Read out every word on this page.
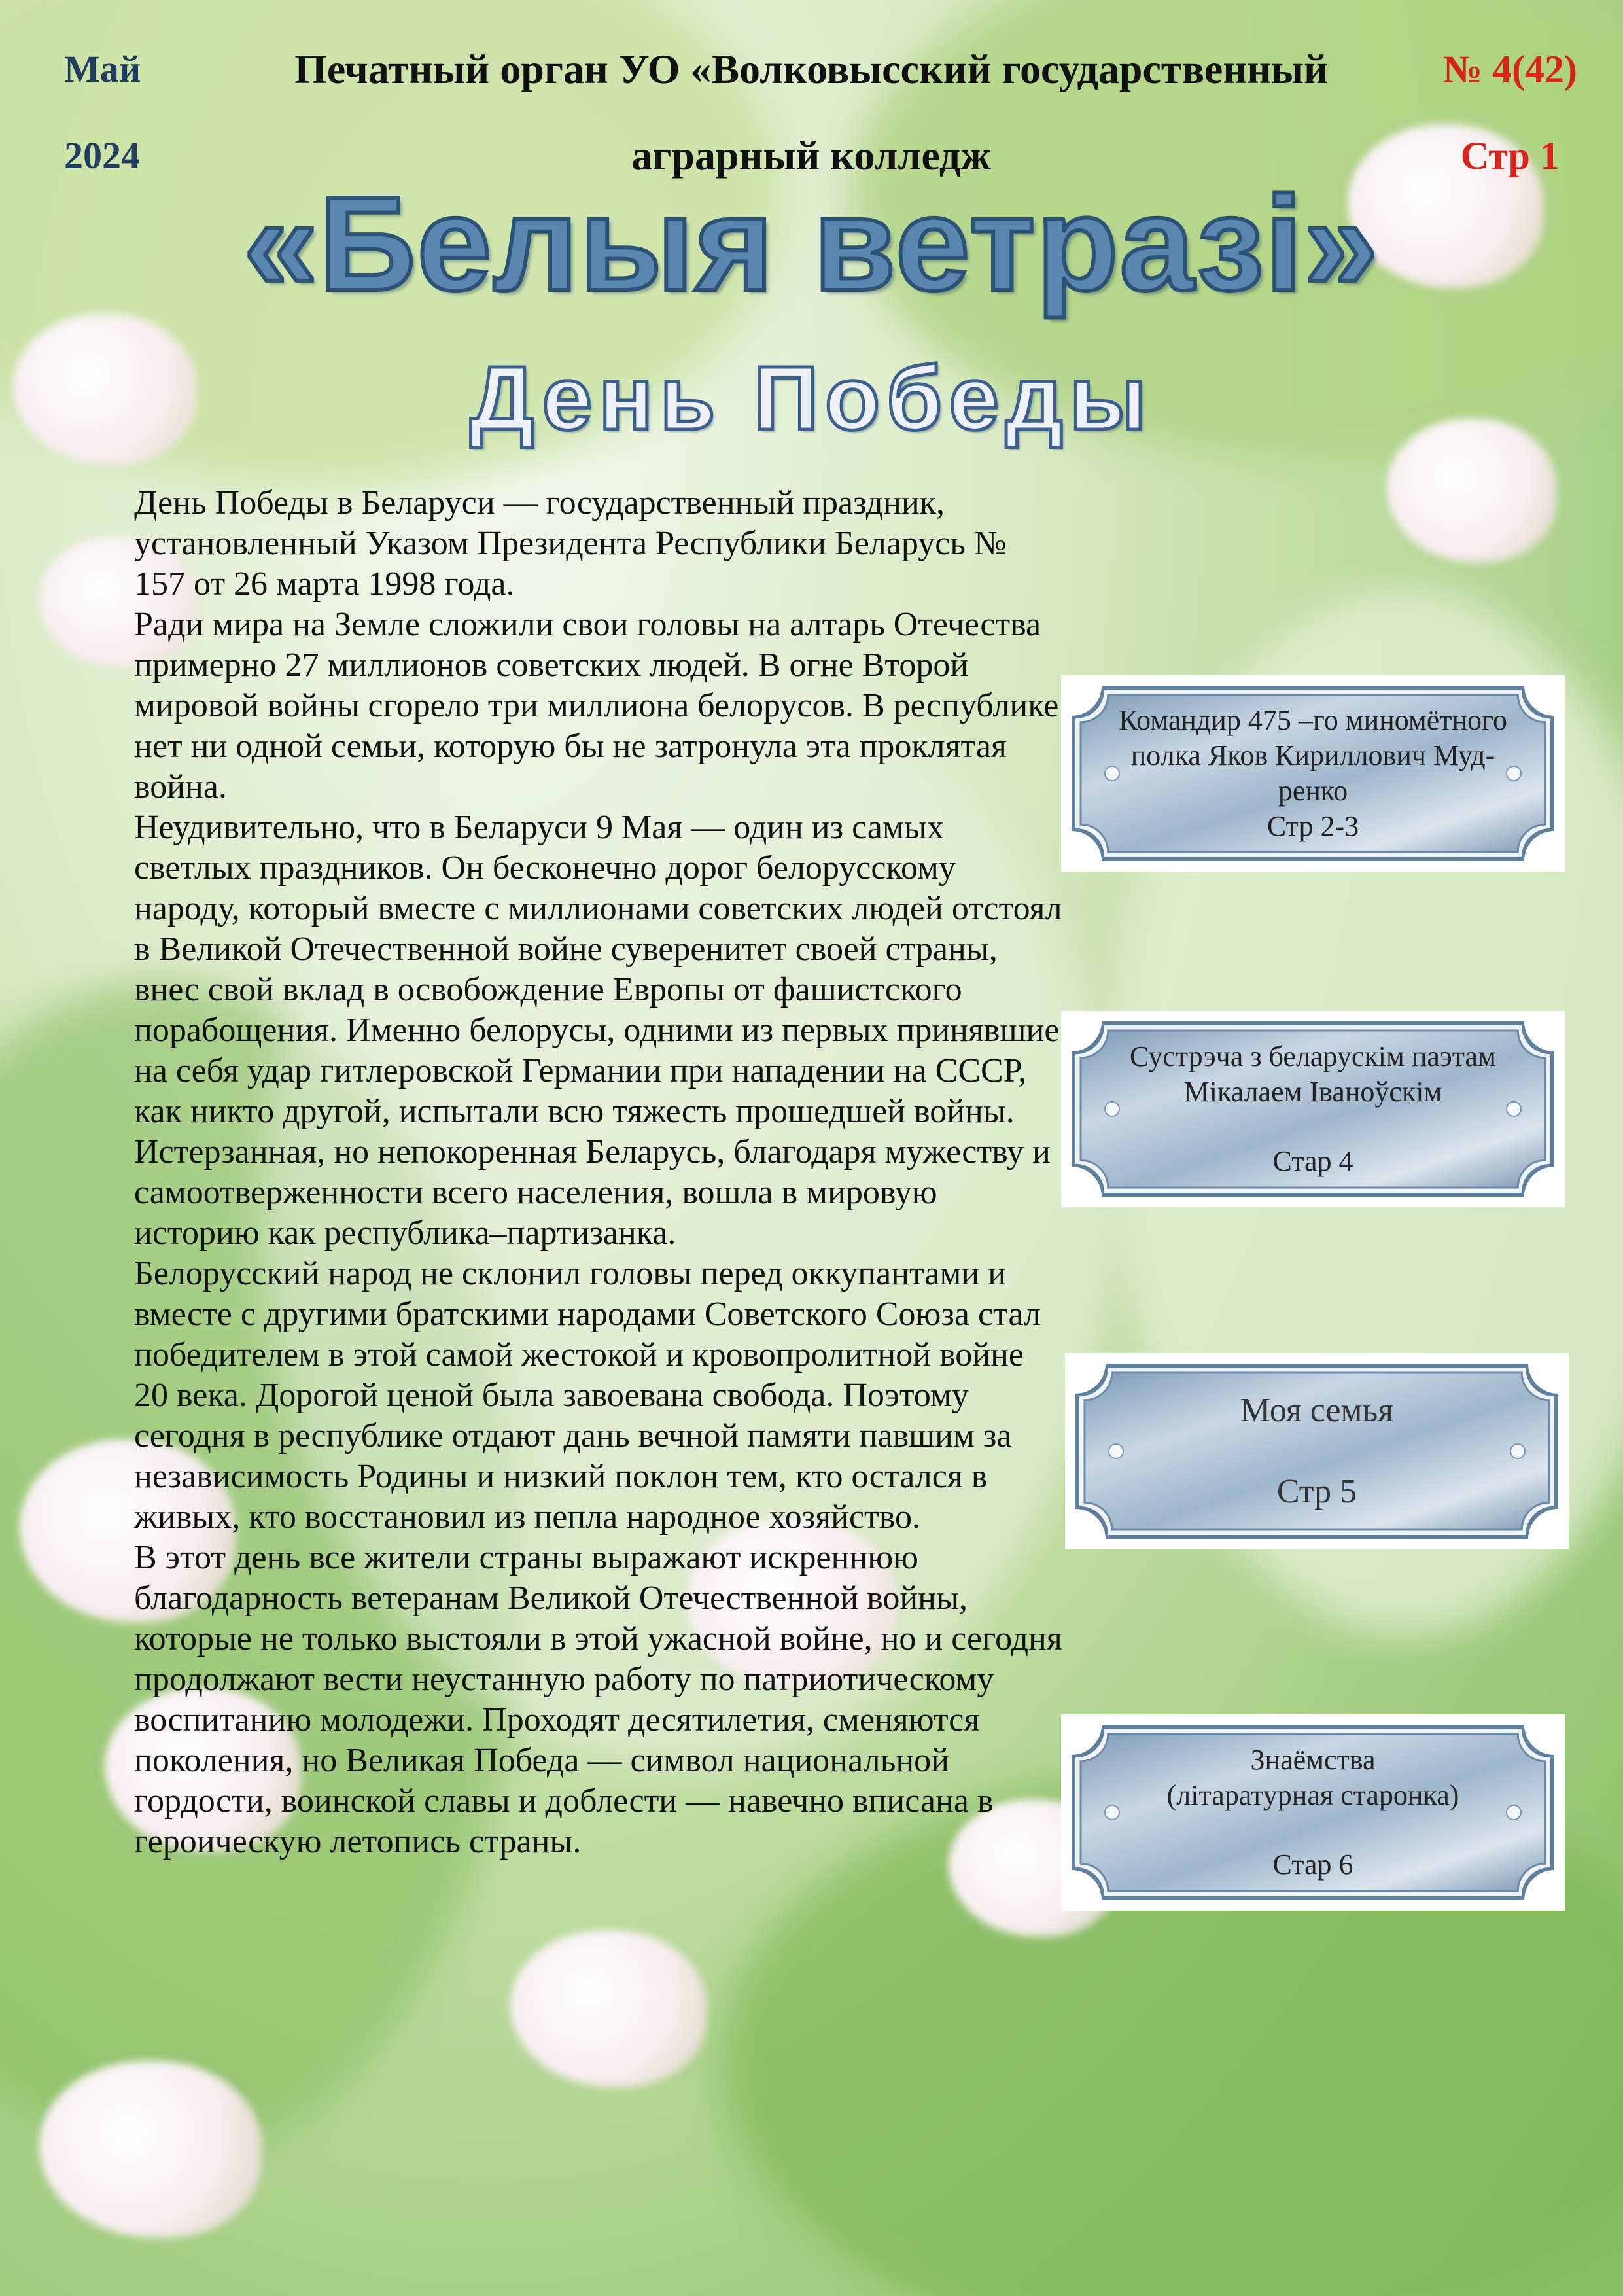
Май
2024
Печатный орган УО «Волковысский государственный
аграрный колледж
№ 4(42)
Стр 1
«Белыя ветразі»
День Победы

День Победы в Беларуси — государственный праздник, установленный Указом Президента Республики Беларусь № 157 от 26 марта 1998 года.

Ради мира на Земле сложили свои головы на алтарь Отечества примерно 27 миллионов советских людей. В огне Второй мировой войны сгорело три миллиона белорусов. В республике нет ни одной семьи, которую бы не затронула эта проклятая война.

Неудивительно, что в Беларуси 9 Мая — один из самых светлых праздников. Он бесконечно дорог белорусскому народу, который вместе с миллионами советских людей отстоял в Великой Отечественной войне суверенитет своей страны, внес свой вклад в освобождение Европы от фашистского порабощения. Именно белорусы, одними из первых принявшие на себя удар гитлеровской Германии при нападении на СССР, как никто другой, испытали всю тяжесть прошедшей войны. Истерзанная, но непокоренная Беларусь, благодаря мужеству и самоотверженности всего населения, вошла в мировую историю как республика–партизанка.

Белорусский народ не склонил головы перед оккупантами и вместе с другими братскими народами Советского Союза стал победителем в этой самой жестокой и кровопролитной войне 20 века. Дорогой ценой была завоевана свобода. Поэтому сегодня в республике отдают дань вечной памяти павшим за независимость Родины и низкий поклон тем, кто остался в живых, кто восстановил из пепла народное хозяйство.

В этот день все жители страны выражают искреннюю благодарность ветеранам Великой Отечественной войны, которые не только выстояли в этой ужасной войне, но и сегодня продолжают вести неустанную работу по патриотическому воспитанию молодежи. Проходят десятилетия, сменяются поколения, но Великая Победа — символ национальной гордости, воинской славы и доблести — навечно вписана в героическую летопись страны.

Командир 475 –го миномётного
полка Яков Кириллович Муд-
ренко
Стр 2-3
Сустрэча з беларускім паэтам
Мікалаем Іваноўскім
Стар 4
Моя семья
Стр 5
Знаёмства
(літаратурная старонка)
Стар 6
